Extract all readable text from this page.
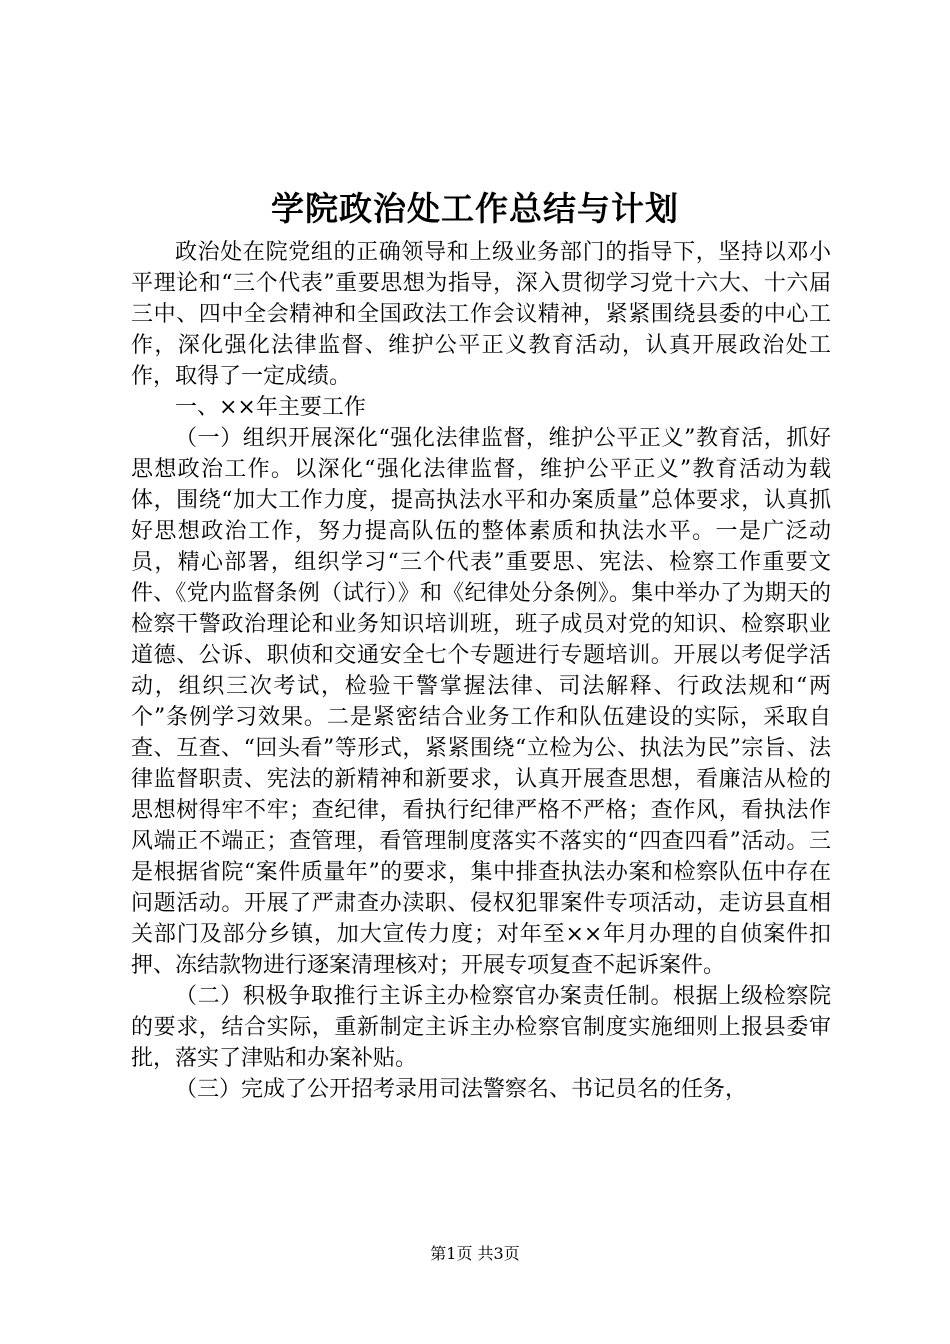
学院政治处工作总结与计划

政治处在院党组的正确领导和上级业务部门的指导下，坚持以邓小平理论和“三个代表”重要思想为指导，深入贯彻学习党十六大、十六届三中、四中全会精神和全国政法工作会议精神，紧紧围绕县委的中心工作，深化强化法律监督、维护公平正义教育活动，认真开展政治处工作，取得了一定成绩。

一、××年主要工作

（一）组织开展深化“强化法律监督，维护公平正义”教育活，抓好思想政治工作。以深化“强化法律监督，维护公平正义”教育活动为载体，围绕“加大工作力度，提高执法水平和办案质量”总体要求，认真抓好思想政治工作，努力提高队伍的整体素质和执法水平。一是广泛动员，精心部署，组织学习“三个代表”重要思、宪法、检察工作重要文件、《党内监督条例（试行）》和《纪律处分条例》。集中举办了为期天的检察干警政治理论和业务知识培训班，班子成员对党的知识、检察职业道德、公诉、职侦和交通安全七个专题进行专题培训。开展以考促学活动，组织三次考试，检验干警掌握法律、司法解释、行政法规和“两个”条例学习效果。二是紧密结合业务工作和队伍建设的实际，采取自查、互查、“回头看”等形式，紧紧围绕“立检为公、执法为民”宗旨、法律监督职责、宪法的新精神和新要求，认真开展查思想，看廉洁从检的思想树得牢不牢；查纪律，看执行纪律严格不严格；查作风，看执法作风端正不端正；查管理，看管理制度落实不落实的“四查四看”活动。三是根据省院“案件质量年”的要求，集中排查执法办案和检察队伍中存在问题活动。开展了严肃查办渎职、侵权犯罪案件专项活动，走访县直相关部门及部分乡镇，加大宣传力度；对年至××年月办理的自侦案件扣押、冻结款物进行逐案清理核对；开展专项复查不起诉案件。

（二）积极争取推行主诉主办检察官办案责任制。根据上级检察院的要求，结合实际，重新制定主诉主办检察官制度实施细则上报县委审批，落实了津贴和办案补贴。

（三）完成了公开招考录用司法警察名、书记员名的任务，

第1页 共3页
